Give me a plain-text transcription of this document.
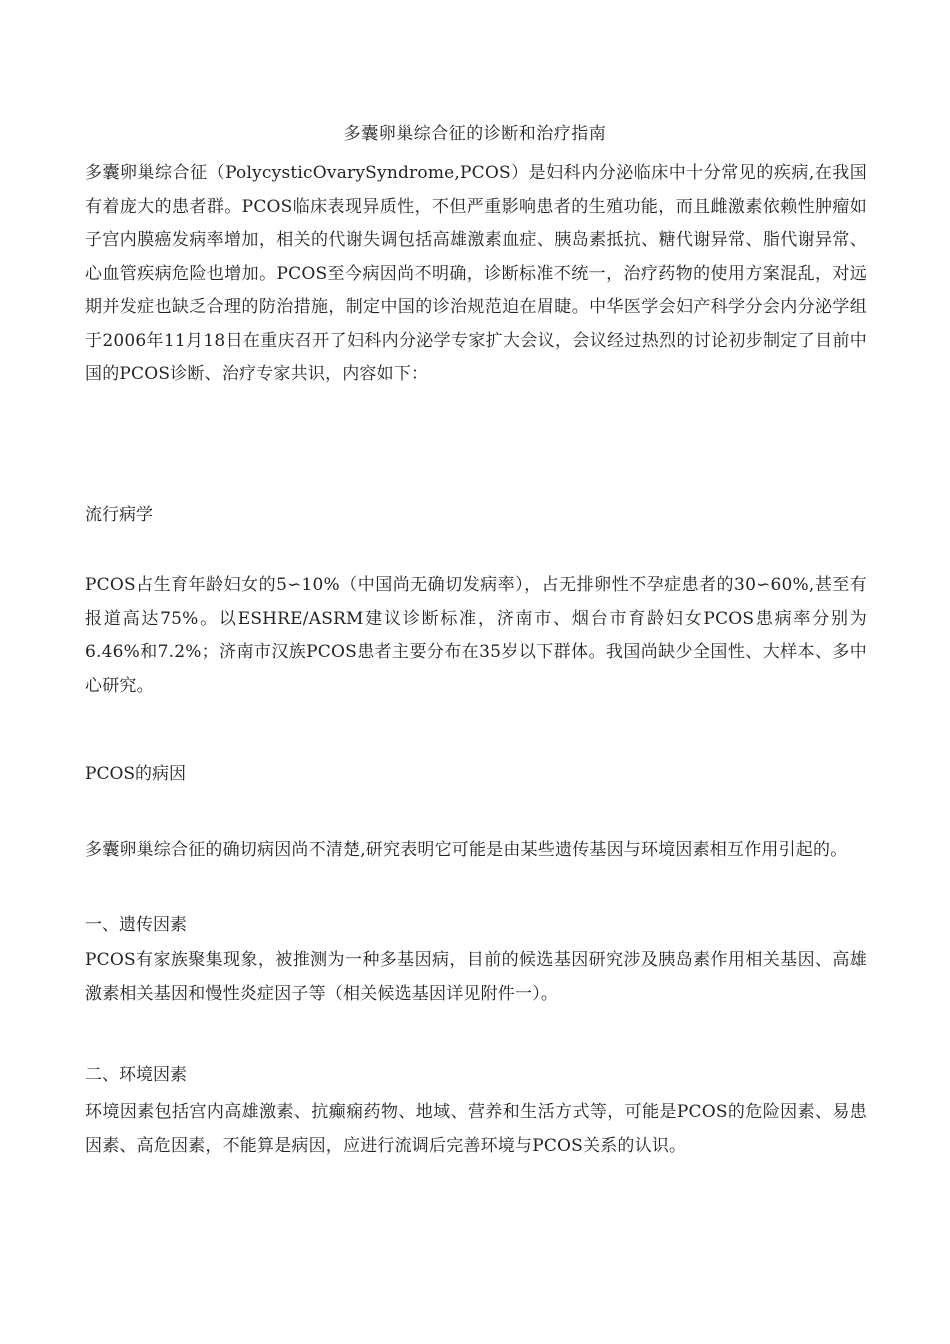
多囊卵巢综合征的诊断和治疗指南
多囊卵巢综合征（PolycysticOvarySyndrome,PCOS）是妇科内分泌临床中十分常见的疾病,在我国有着庞大的患者群。PCOS临床表现异质性，不但严重影响患者的生殖功能，而且雌激素依赖性肿瘤如子宫内膜癌发病率增加，相关的代谢失调包括高雄激素血症、胰岛素抵抗、糖代谢异常、脂代谢异常、心血管疾病危险也增加。PCOS至今病因尚不明确，诊断标准不统一，治疗药物的使用方案混乱，对远期并发症也缺乏合理的防治措施，制定中国的诊治规范迫在眉睫。中华医学会妇产科学分会内分泌学组于2006年11月18日在重庆召开了妇科内分泌学专家扩大会议，会议经过热烈的讨论初步制定了目前中国的PCOS诊断、治疗专家共识，内容如下：
流行病学
PCOS占生育年龄妇女的5∽10%（中国尚无确切发病率），占无排卵性不孕症患者的30∽60%,甚至有报道高达75%。以ESHRE/ASRM建议诊断标准，济南市、烟台市育龄妇女PCOS患病率分别为6.46%和7.2%；济南市汉族PCOS患者主要分布在35岁以下群体。我国尚缺少全国性、大样本、多中心研究。
PCOS的病因
多囊卵巢综合征的确切病因尚不清楚,研究表明它可能是由某些遗传基因与环境因素相互作用引起的。
一、遗传因素
PCOS有家族聚集现象，被推测为一种多基因病，目前的候选基因研究涉及胰岛素作用相关基因、高雄激素相关基因和慢性炎症因子等（相关候选基因详见附件一）。
二、环境因素
环境因素包括宫内高雄激素、抗癫痫药物、地域、营养和生活方式等，可能是PCOS的危险因素、易患因素、高危因素，不能算是病因，应进行流调后完善环境与PCOS关系的认识。
